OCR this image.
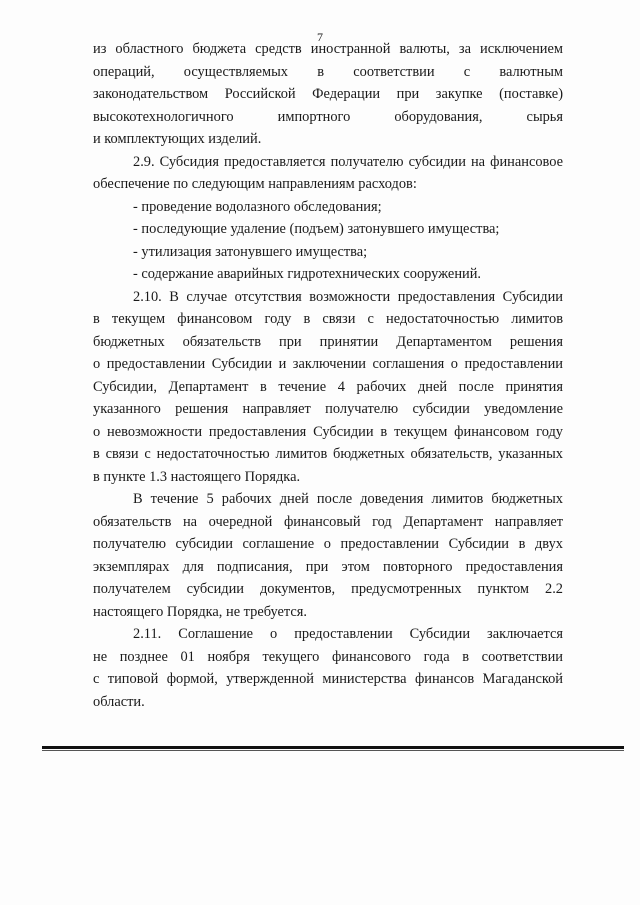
7
из областного бюджета средств иностранной валюты, за исключением
операций, осуществляемых в соответствии с валютным
законодательством Российской Федерации при закупке (поставке)
высокотехнологичного импортного оборудования, сырья
и комплектующих изделий.
2.9. Субсидия предоставляется получателю субсидии на финансовое
обеспечение по следующим направлениям расходов:
- проведение водолазного обследования;
- последующие удаление (подъем) затонувшего имущества;
- утилизация затонувшего имущества;
- содержание аварийных гидротехнических сооружений.
2.10. В случае отсутствия возможности предоставления Субсидии
в текущем финансовом году в связи с недостаточностью лимитов
бюджетных обязательств при принятии Департаментом решения
о предоставлении Субсидии и заключении соглашения о предоставлении
Субсидии, Департамент в течение 4 рабочих дней после принятия
указанного решения направляет получателю субсидии уведомление
о невозможности предоставления Субсидии в текущем финансовом году
в связи с недостаточностью лимитов бюджетных обязательств, указанных
в пункте 1.3 настоящего Порядка.
В течение 5 рабочих дней после доведения лимитов бюджетных
обязательств на очередной финансовый год Департамент направляет
получателю субсидии соглашение о предоставлении Субсидии в двух
экземплярах для подписания, при этом повторного предоставления
получателем субсидии документов, предусмотренных пунктом 2.2
настоящего Порядка, не требуется.
2.11. Соглашение о предоставлении Субсидии заключается
не позднее 01 ноября текущего финансового года в соответствии
с типовой формой, утвержденной министерства финансов Магаданской
области.
